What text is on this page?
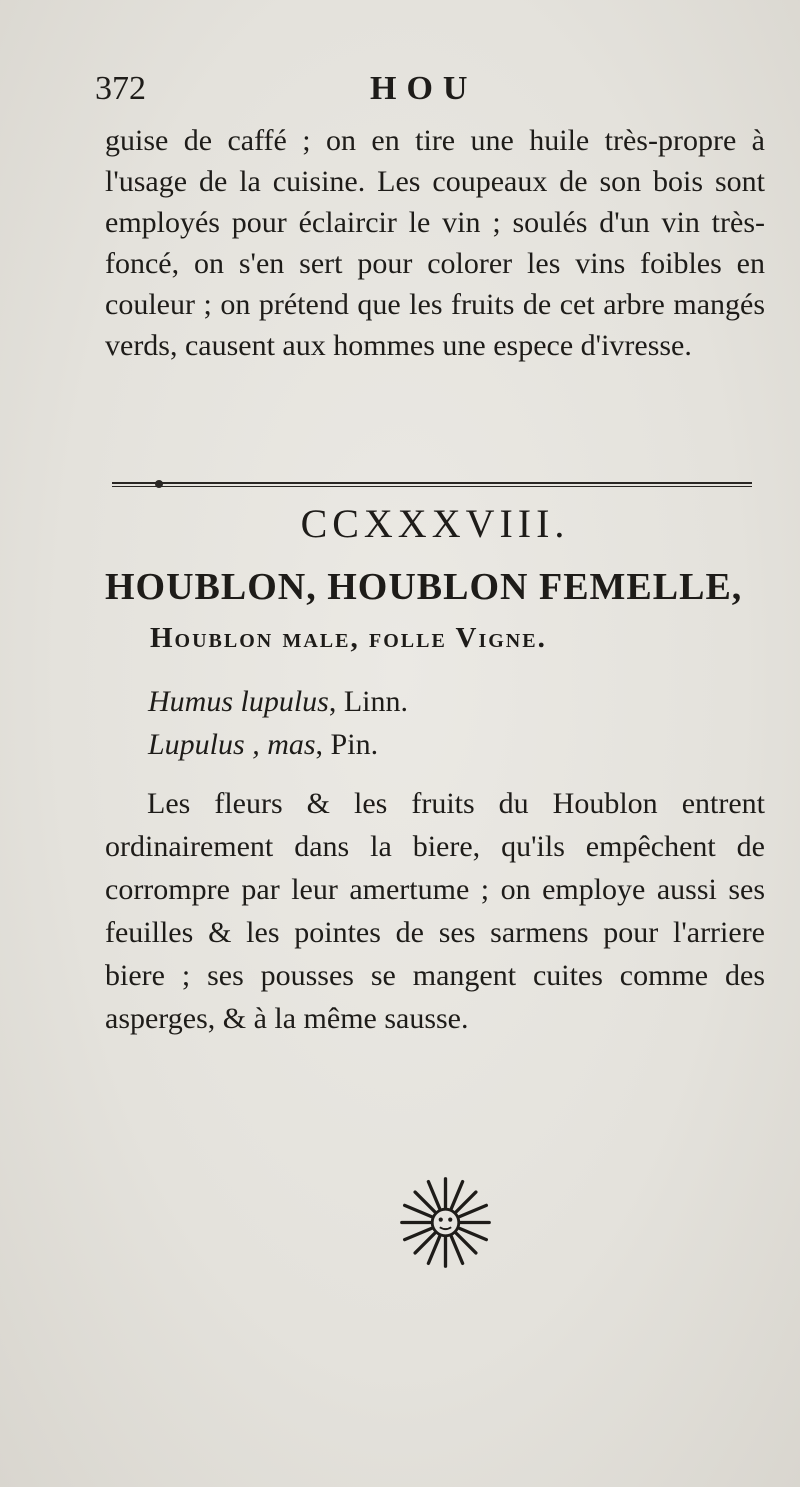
372	HOU
guise de caffé ; on en tire une huile très-propre à l'usage de la cuisine. Les coupeaux de son bois sont employés pour éclaircir le vin ; soulés d'un vin très-foncé, on s'en sert pour colorer les vins foibles en couleur ; on prétend que les fruits de cet arbre mangés verds, causent aux hommes une espece d'ivresse.
CCXXXVIII.
HOUBLON, HOUBLON FEMELLE,
Houblon male, folle Vigne.
Humus lupulus, Linn.
Lupulus , mas, Pin.
Les fleurs & les fruits du Houblon entrent ordinairement dans la biere, qu'ils empêchent de corrompre par leur amertume ; on employe aussi ses feuilles & les pointes de ses sarmens pour l'arriere biere ; ses pousses se mangent cuites comme des asperges, & à la même sausse.
